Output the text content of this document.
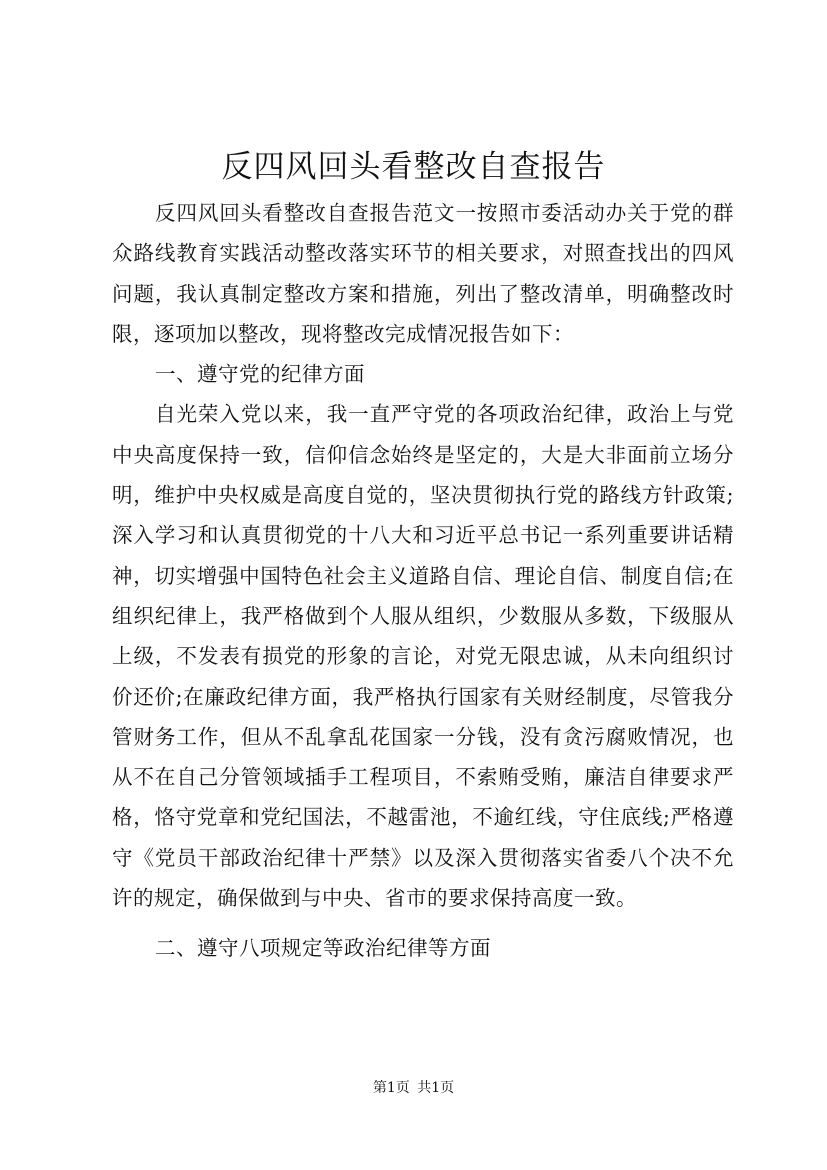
反四风回头看整改自查报告

反四风回头看整改自查报告范文一按照市委活动办关于党的群众路线教育实践活动整改落实环节的相关要求，对照查找出的四风问题，我认真制定整改方案和措施，列出了整改清单，明确整改时限，逐项加以整改，现将整改完成情况报告如下：

一、遵守党的纪律方面

自光荣入党以来，我一直严守党的各项政治纪律，政治上与党中央高度保持一致，信仰信念始终是坚定的，大是大非面前立场分明，维护中央权威是高度自觉的，坚决贯彻执行党的路线方针政策;深入学习和认真贯彻党的十八大和习近平总书记一系列重要讲话精神，切实增强中国特色社会主义道路自信、理论自信、制度自信;在组织纪律上，我严格做到个人服从组织，少数服从多数，下级服从上级，不发表有损党的形象的言论，对党无限忠诚，从未向组织讨价还价;在廉政纪律方面，我严格执行国家有关财经制度，尽管我分管财务工作，但从不乱拿乱花国家一分钱，没有贪污腐败情况，也从不在自己分管领域插手工程项目，不索贿受贿，廉洁自律要求严格，恪守党章和党纪国法，不越雷池，不逾红线，守住底线;严格遵守《党员干部政治纪律十严禁》以及深入贯彻落实省委八个决不允许的规定，确保做到与中央、省市的要求保持高度一致。

二、遵守八项规定等政治纪律等方面

第1页 共1页
